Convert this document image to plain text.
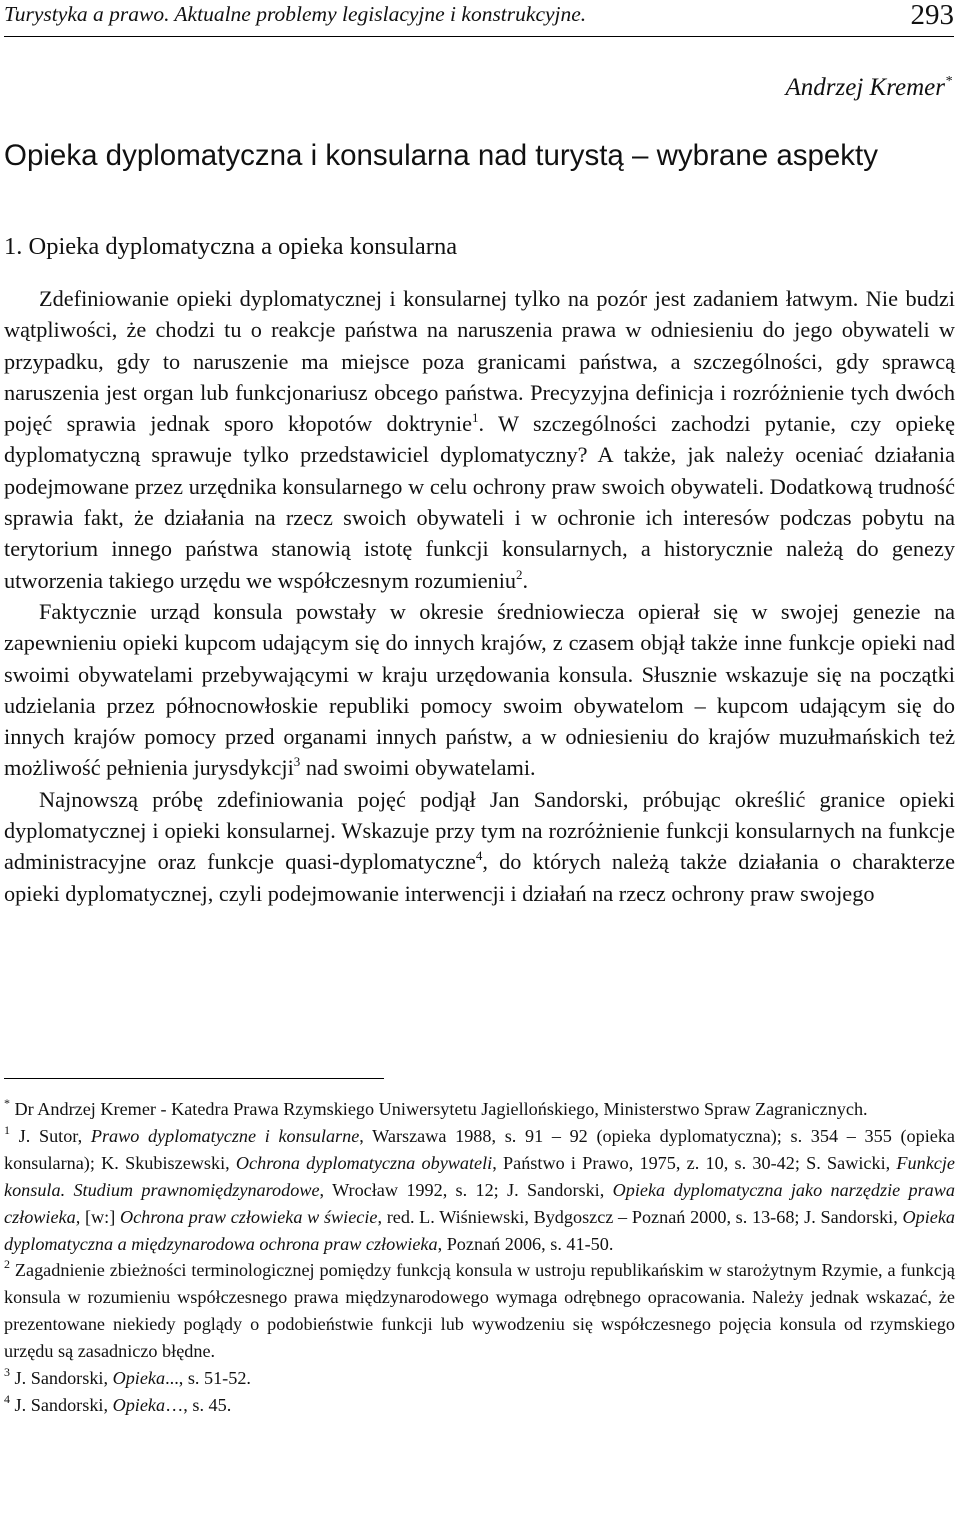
Turystyka a prawo. Aktualne problemy legislacyjne i konstrukcyjne.	293
Andrzej Kremer*
Opieka dyplomatyczna i konsularna nad turystą – wybrane aspekty
1. Opieka dyplomatyczna a opieka konsularna

Zdefiniowanie opieki dyplomatycznej i konsularnej tylko na pozór jest zadaniem łatwym. Nie budzi wątpliwości, że chodzi tu o reakcje państwa na naruszenia prawa w odniesieniu do jego obywateli w przypadku, gdy to naruszenie ma miejsce poza granicami państwa, a szczególności, gdy sprawcą naruszenia jest organ lub funkcjonariusz obcego państwa. Precyzyjna definicja i rozróżnienie tych dwóch pojęć sprawia jednak sporo kłopotów doktrynie$^1$. W szczególności zachodzi pytanie, czy opiekę dyplomatyczną sprawuje tylko przedstawiciel dyplomatyczny? A także, jak należy oceniać działania podejmowane przez urzędnika konsularnego w celu ochrony praw swoich obywateli. Dodatkową trudność sprawia fakt, że działania na rzecz swoich obywateli i w ochronie ich interesów podczas pobytu na terytorium innego państwa stanowią istotę funkcji konsularnych, a historycznie należą do genezy utworzenia takiego urzędu we współczesnym rozumieniu$^2$.

Faktycznie urząd konsula powstały w okresie średniowiecza opierał się w swojej genezie na zapewnieniu opieki kupcom udającym się do innych krajów, z czasem objął także inne funkcje opieki nad swoimi obywatelami przebywającymi w kraju urzędowania konsula. Słusznie wskazuje się na początki udzielania przez północnowłoskie republiki pomocy swoim obywatelom – kupcom udającym się do innych krajów pomocy przed organami innych państw, a w odniesieniu do krajów muzułmańskich też możliwość pełnienia jurysdykcji$^3$ nad swoimi obywatelami.

Najnowszą próbę zdefiniowania pojęć podjął Jan Sandorski, próbując określić granice opieki dyplomatycznej i opieki konsularnej. Wskazuje przy tym na rozróżnienie funkcji konsularnych na funkcje administracyjne oraz funkcje quasi-dyplomatyczne$^4$, do których należą także działania o charakterze opieki dyplomatycznej, czyli podejmowanie interwencji i działań na rzecz ochrony praw swojego

* Dr Andrzej Kremer - Katedra Prawa Rzymskiego Uniwersytetu Jagiellońskiego, Ministerstwo Spraw Zagranicznych.

$^1$ J. Sutor, Prawo dyplomatyczne i konsularne, Warszawa 1988, s. 91 – 92 (opieka dyplomatyczna); s. 354 – 355 (opieka konsularna); K. Skubiszewski, Ochrona dyplomatyczna obywateli, Państwo i Prawo, 1975, z. 10, s. 30-42; S. Sawicki, Funkcje konsula. Studium prawnomiędzynarodowe, Wrocław 1992, s. 12; J. Sandorski, Opieka dyplomatyczna jako narzędzie prawa człowieka, [w:] Ochrona praw człowieka w świecie, red. L. Wiśniewski, Bydgoszcz – Poznań 2000, s. 13-68; J. Sandorski, Opieka dyplomatyczna a międzynarodowa ochrona praw człowieka, Poznań 2006, s. 41-50.

$^2$ Zagadnienie zbieżności terminologicznej pomiędzy funkcją konsula w ustroju republikańskim w starożytnym Rzymie, a funkcją konsula w rozumieniu współczesnego prawa międzynarodowego wymaga odrębnego opracowania. Należy jednak wskazać, że prezentowane niekiedy poglądy o podobieństwie funkcji lub wywodzeniu się współczesnego pojęcia konsula od rzymskiego urzędu są zasadniczo błędne.

$^3$ J. Sandorski, Opieka..., s. 51-52.

$^4$ J. Sandorski, Opieka…, s. 45.
